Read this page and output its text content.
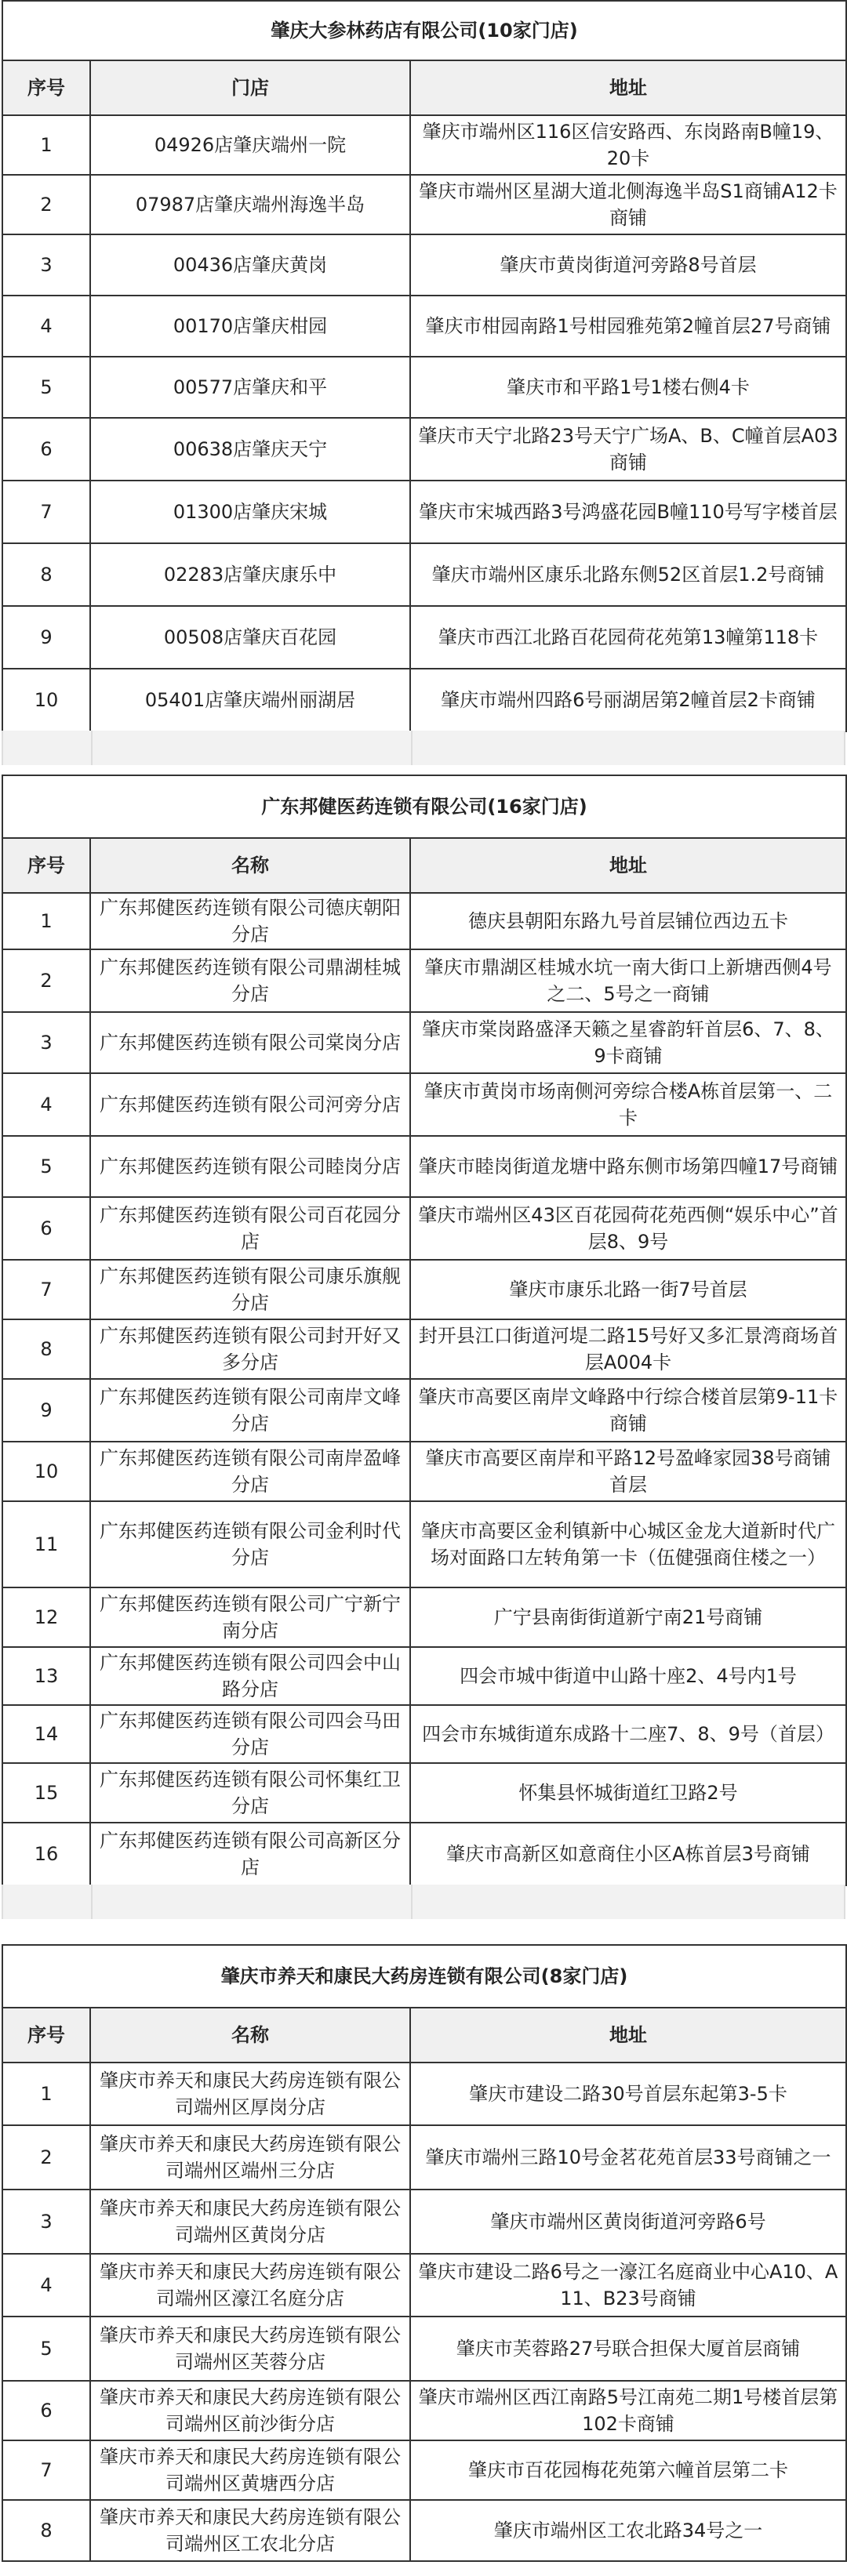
肇庆大参林药店有限公司(10家门店)		
序号	门店	地址
1	04926店肇庆端州一院	肇庆市端州区116区信安路西、东岗路南B幢19、20卡
2	07987店肇庆端州海逸半岛	肇庆市端州区星湖大道北侧海逸半岛S1商铺A12卡商铺
3	00436店肇庆黄岗	肇庆市黄岗街道河旁路8号首层
4	00170店肇庆柑园	肇庆市柑园南路1号柑园雅苑第2幢首层27号商铺
5	00577店肇庆和平	肇庆市和平路1号1楼右侧4卡
6	00638店肇庆天宁	肇庆市天宁北路23号天宁广场A、B、C幢首层A03商铺
7	01300店肇庆宋城	肇庆市宋城西路3号鸿盛花园B幢110号写字楼首层
8	02283店肇庆康乐中	肇庆市端州区康乐北路东侧52区首层1.2号商铺
9	00508店肇庆百花园	肇庆市西江北路百花园荷花苑第13幢第118卡
10	05401店肇庆端州丽湖居	肇庆市端州四路6号丽湖居第2幢首层2卡商铺
广东邦健医药连锁有限公司(16家门店)		
序号	名称	地址
1	广东邦健医药连锁有限公司德庆朝阳分店	德庆县朝阳东路九号首层铺位西边五卡
2	广东邦健医药连锁有限公司鼎湖桂城分店	肇庆市鼎湖区桂城水坑一南大街口上新塘西侧4号之二、5号之一商铺
3	广东邦健医药连锁有限公司棠岗分店	肇庆市棠岗路盛泽天籁之星睿韵轩首层6、7、8、9卡商铺
4	广东邦健医药连锁有限公司河旁分店	肇庆市黄岗市场南侧河旁综合楼A栋首层第一、二卡
5	广东邦健医药连锁有限公司睦岗分店	肇庆市睦岗街道龙塘中路东侧市场第四幢17号商铺
6	广东邦健医药连锁有限公司百花园分店	肇庆市端州区43区百花园荷花苑西侧“娱乐中心”首层8、9号
7	广东邦健医药连锁有限公司康乐旗舰分店	肇庆市康乐北路一街7号首层
8	广东邦健医药连锁有限公司封开好又多分店	封开县江口街道河堤二路15号好又多汇景湾商场首层A004卡
9	广东邦健医药连锁有限公司南岸文峰分店	肇庆市高要区南岸文峰路中行综合楼首层第9-11卡商铺
10	广东邦健医药连锁有限公司南岸盈峰分店	肇庆市高要区南岸和平路12号盈峰家园38号商铺首层
11	广东邦健医药连锁有限公司金利时代分店	肇庆市高要区金利镇新中心城区金龙大道新时代广场对面路口左转角第一卡（伍健强商住楼之一）
12	广东邦健医药连锁有限公司广宁新宁南分店	广宁县南街街道新宁南21号商铺
13	广东邦健医药连锁有限公司四会中山路分店	四会市城中街道中山路十座2、4号内1号
14	广东邦健医药连锁有限公司四会马田分店	四会市东城街道东成路十二座7、8、9号（首层）
15	广东邦健医药连锁有限公司怀集红卫分店	怀集县怀城街道红卫路2号
16	广东邦健医药连锁有限公司高新区分店	肇庆市高新区如意商住小区A栋首层3号商铺
肇庆市养天和康民大药房连锁有限公司(8家门店)		
序号	名称	地址
1	肇庆市养天和康民大药房连锁有限公司端州区厚岗分店	肇庆市建设二路30号首层东起第3-5卡
2	肇庆市养天和康民大药房连锁有限公司端州区端州三分店	肇庆市端州三路10号金茗花苑首层33号商铺之一
3	肇庆市养天和康民大药房连锁有限公司端州区黄岗分店	肇庆市端州区黄岗街道河旁路6号
4	肇庆市养天和康民大药房连锁有限公司端州区濠江名庭分店	肇庆市建设二路6号之一濠江名庭商业中心A10、A11、B23号商铺
5	肇庆市养天和康民大药房连锁有限公司端州区芙蓉分店	肇庆市芙蓉路27号联合担保大厦首层商铺
6	肇庆市养天和康民大药房连锁有限公司端州区前沙街分店	肇庆市端州区西江南路5号江南苑二期1号楼首层第102卡商铺
7	肇庆市养天和康民大药房连锁有限公司端州区黄塘西分店	肇庆市百花园梅花苑第六幢首层第二卡
8	肇庆市养天和康民大药房连锁有限公司端州区工农北分店	肇庆市端州区工农北路34号之一
